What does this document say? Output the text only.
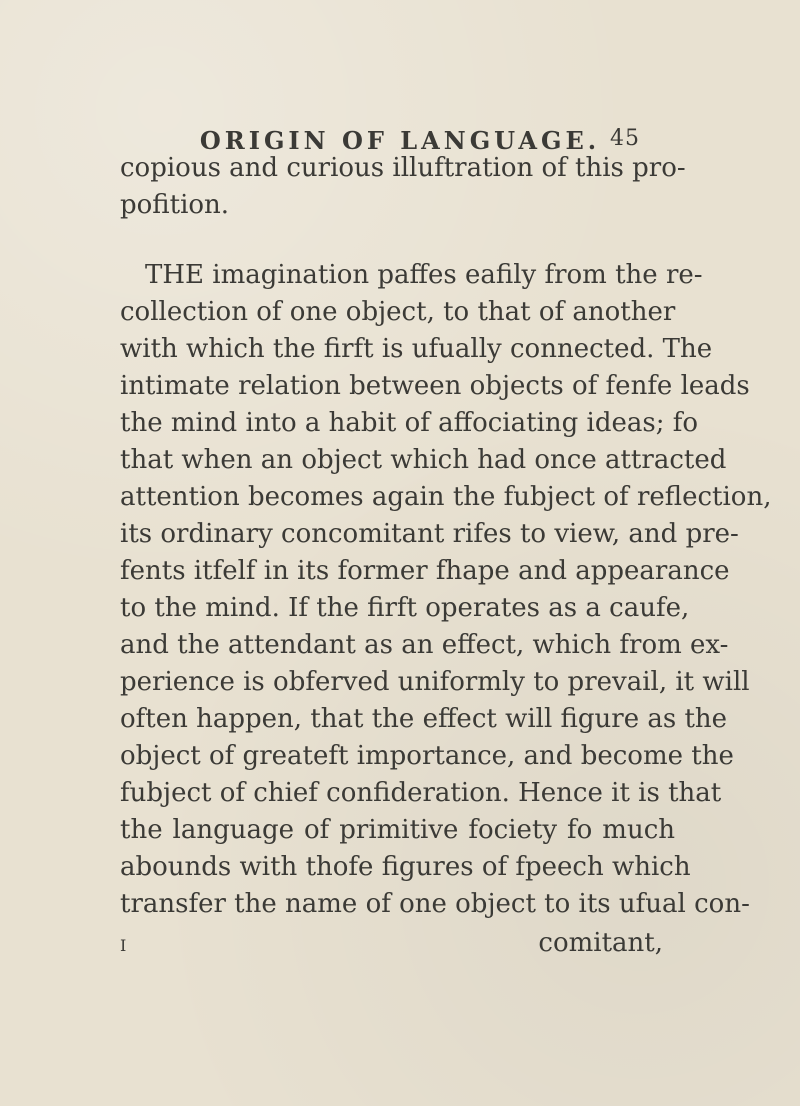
ORIGIN OF LANGUAGE. 45
copious and curious illuftration of this pro-
pofition.
THE imagination paffes eafily from the re-
collection of one object, to that of another
with which the firft is ufually connected. The
intimate relation between objects of fenfe leads
the mind into a habit of affociating ideas; fo
that when an object which had once attracted
attention becomes again the fubject of reflection,
its ordinary concomitant rifes to view, and pre-
fents itfelf in its former fhape and appearance
to the mind. If the firft operates as a caufe,
and the attendant as an effect, which from ex-
perience is obferved uniformly to prevail, it will
often happen, that the effect will figure as the
object of greateft importance, and become the
fubject of chief confideration. Hence it is that
the language of primitive fociety fo much
abounds with thofe figures of fpeech which
transfer the name of one object to its ufual con-
I	comitant,
